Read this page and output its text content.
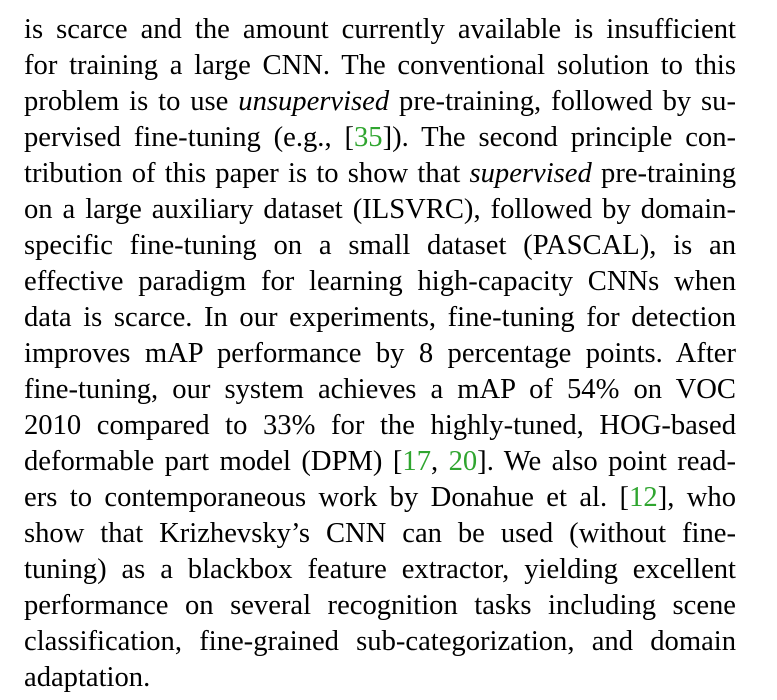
is scarce and the amount currently available is insufficient
for training a large CNN. The conventional solution to this
problem is to use unsupervised pre-training, followed by su-
pervised fine-tuning (e.g., [35]). The second principle con-
tribution of this paper is to show that supervised pre-training
on a large auxiliary dataset (ILSVRC), followed by domain-
specific fine-tuning on a small dataset (PASCAL), is an
effective paradigm for learning high-capacity CNNs when
data is scarce. In our experiments, fine-tuning for detection
improves mAP performance by 8 percentage points. After
fine-tuning, our system achieves a mAP of 54% on VOC
2010 compared to 33% for the highly-tuned, HOG-based
deformable part model (DPM) [17, 20]. We also point read-
ers to contemporaneous work by Donahue et al. [12], who
show that Krizhevsky’s CNN can be used (without fine-
tuning) as a blackbox feature extractor, yielding excellent
performance on several recognition tasks including scene
classification, fine-grained sub-categorization, and domain
adaptation.
